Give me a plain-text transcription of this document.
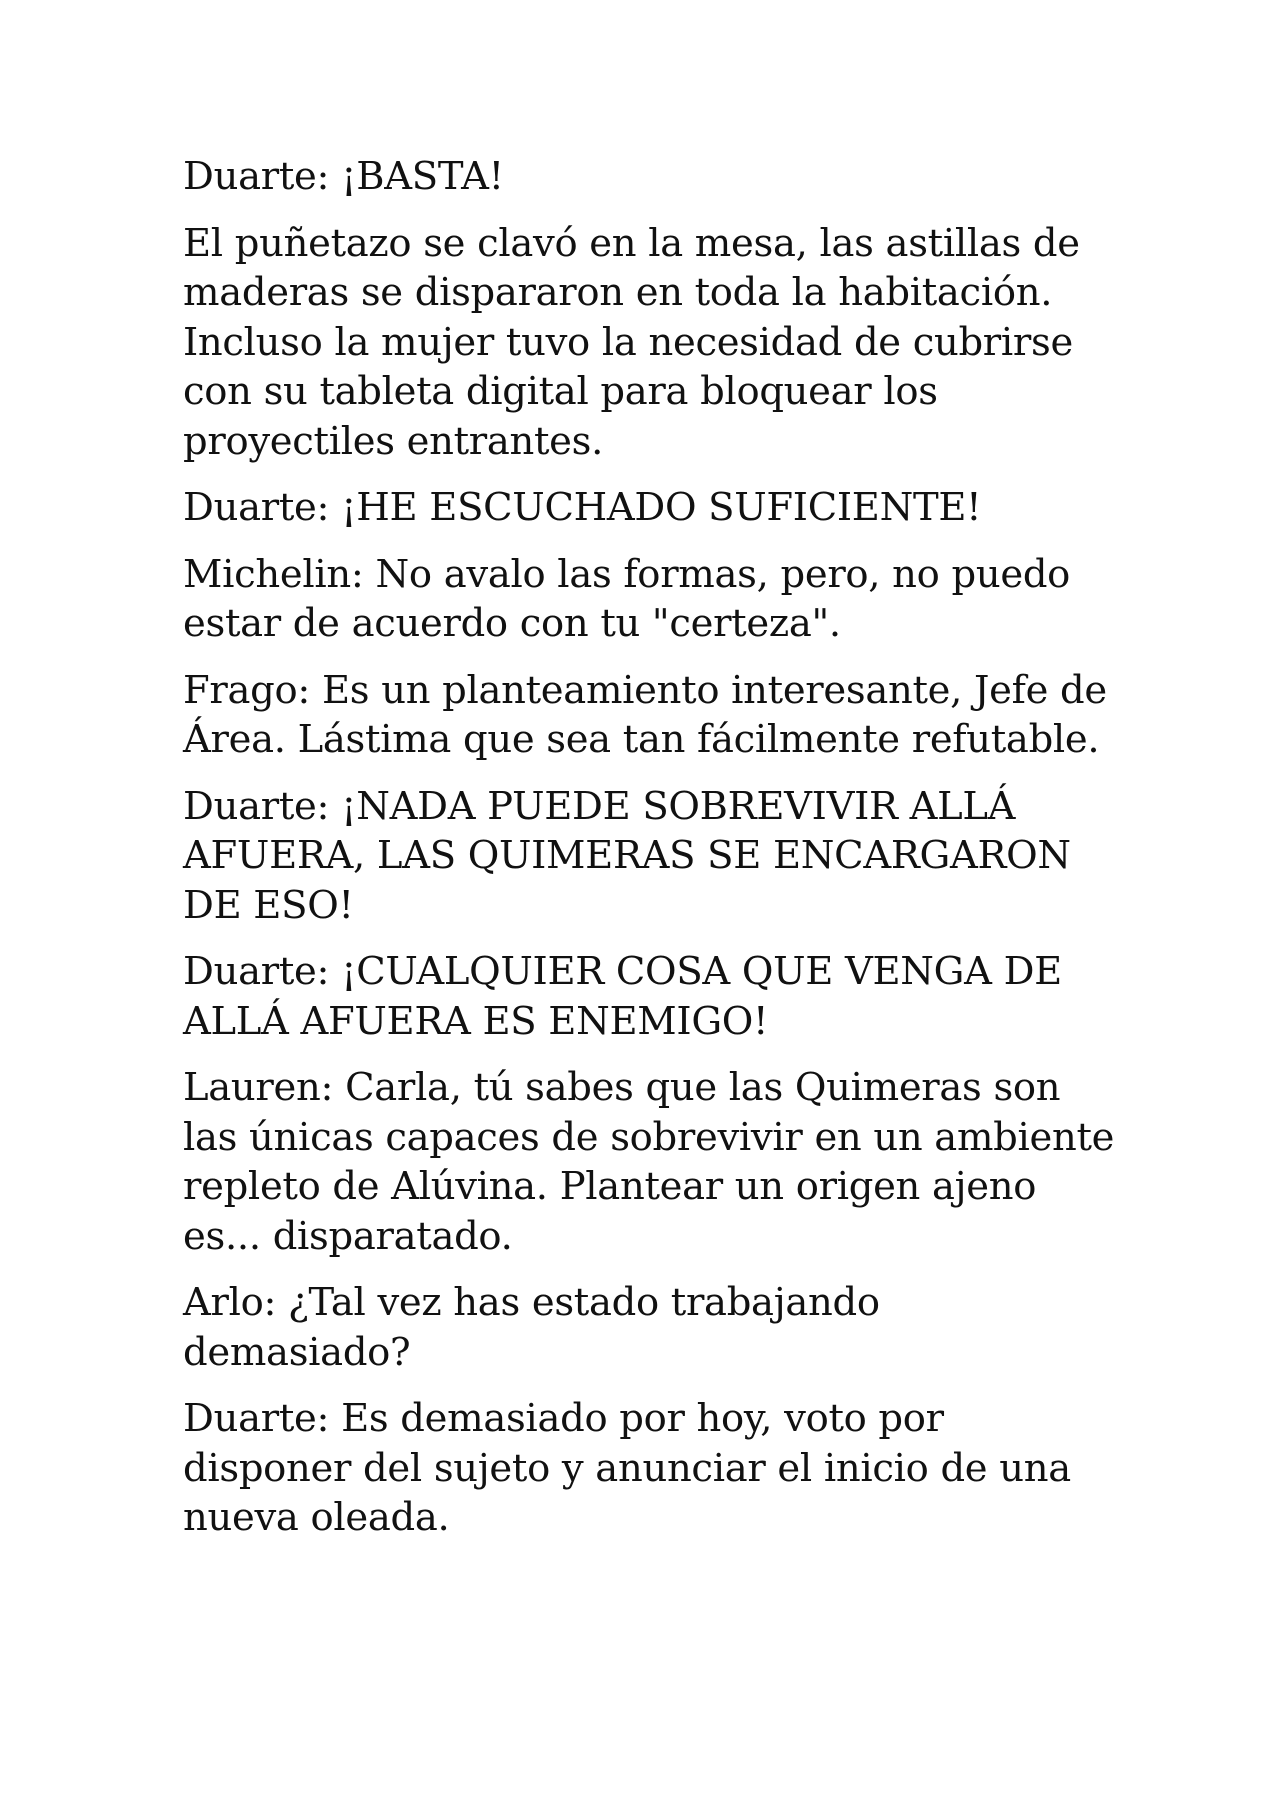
Duarte: ¡BASTA!

El puñetazo se clavó en la mesa, las astillas de maderas se dispararon en toda la habitación. Incluso la mujer tuvo la necesidad de cubrirse con su tableta digital para bloquear los proyectiles entrantes.

Duarte: ¡HE ESCUCHADO SUFICIENTE!

Michelin: No avalo las formas, pero, no puedo estar de acuerdo con tu "certeza".

Frago: Es un planteamiento interesante, Jefe de Área. Lástima que sea tan fácilmente refutable.

Duarte: ¡NADA PUEDE SOBREVIVIR ALLÁ AFUERA, LAS QUIMERAS SE ENCARGARON DE ESO!

Duarte: ¡CUALQUIER COSA QUE VENGA DE ALLÁ AFUERA ES ENEMIGO!

Lauren: Carla, tú sabes que las Quimeras son las únicas capaces de sobrevivir en un ambiente repleto de Alúvina. Plantear un origen ajeno es... disparatado.

Arlo: ¿Tal vez has estado trabajando demasiado?

Duarte: Es demasiado por hoy, voto por disponer del sujeto y anunciar el inicio de una nueva oleada.
